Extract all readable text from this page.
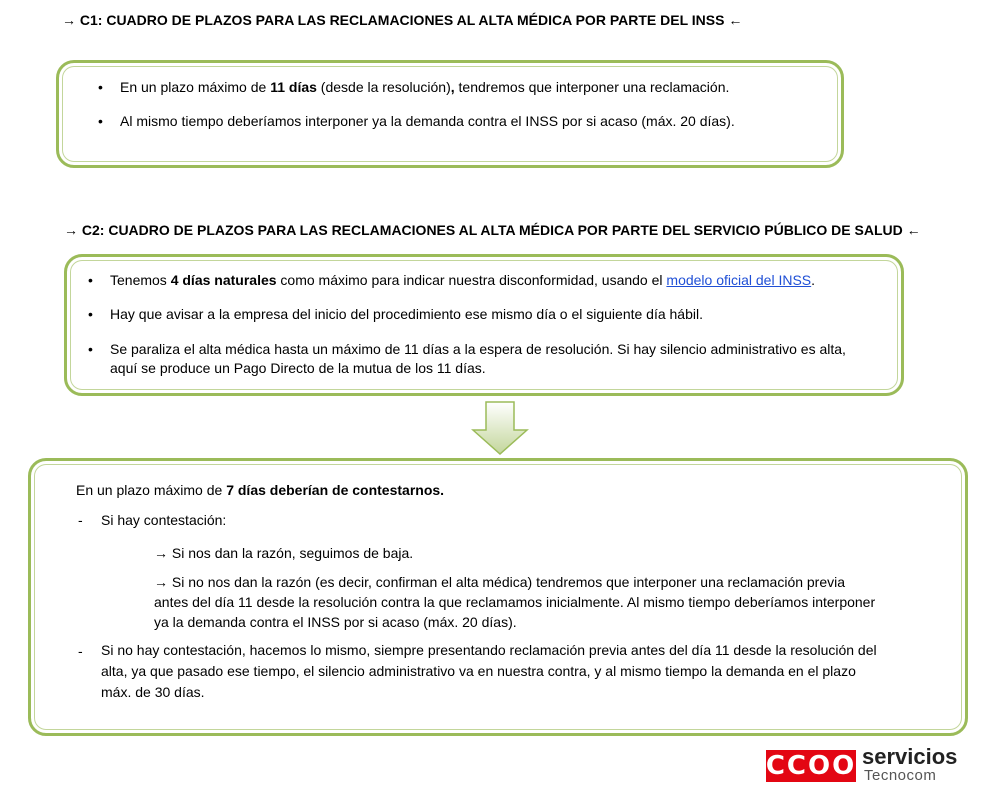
→ C1: CUADRO DE PLAZOS PARA LAS RECLAMACIONES AL ALTA MÉDICA POR PARTE DEL INSS ←
• En un plazo máximo de 11 días (desde la resolución), tendremos que interponer una reclamación.
• Al mismo tiempo deberíamos interponer ya la demanda contra el INSS por si acaso (máx. 20 días).
→ C2: CUADRO DE PLAZOS PARA LAS RECLAMACIONES AL ALTA MÉDICA POR PARTE DEL SERVICIO PÚBLICO DE SALUD ←
• Tenemos 4 días naturales como máximo para indicar nuestra disconformidad, usando el modelo oficial del INSS.
• Hay que avisar a la empresa del inicio del procedimiento ese mismo día o el siguiente día hábil.
• Se paraliza el alta médica hasta un máximo de 11 días a la espera de resolución. Si hay silencio administrativo es alta,
aquí se produce un Pago Directo de la mutua de los 11 días.
En un plazo máximo de 7 días deberían de contestarnos.
- Si hay contestación:
→ Si nos dan la razón, seguimos de baja.
→ Si no nos dan la razón (es decir, confirman el alta médica) tendremos que interponer una reclamación previa
antes del día 11 desde la resolución contra la que reclamamos inicialmente. Al mismo tiempo deberíamos interponer
ya la demanda contra el INSS por si acaso (máx. 20 días).
- Si no hay contestación, hacemos lo mismo, siempre presentando reclamación previa antes del día 11 desde la resolución del
alta, ya que pasado ese tiempo, el silencio administrativo va en nuestra contra, y al mismo tiempo la demanda en el plazo
máx. de 30 días.
CCOO servicios
Tecnocom
